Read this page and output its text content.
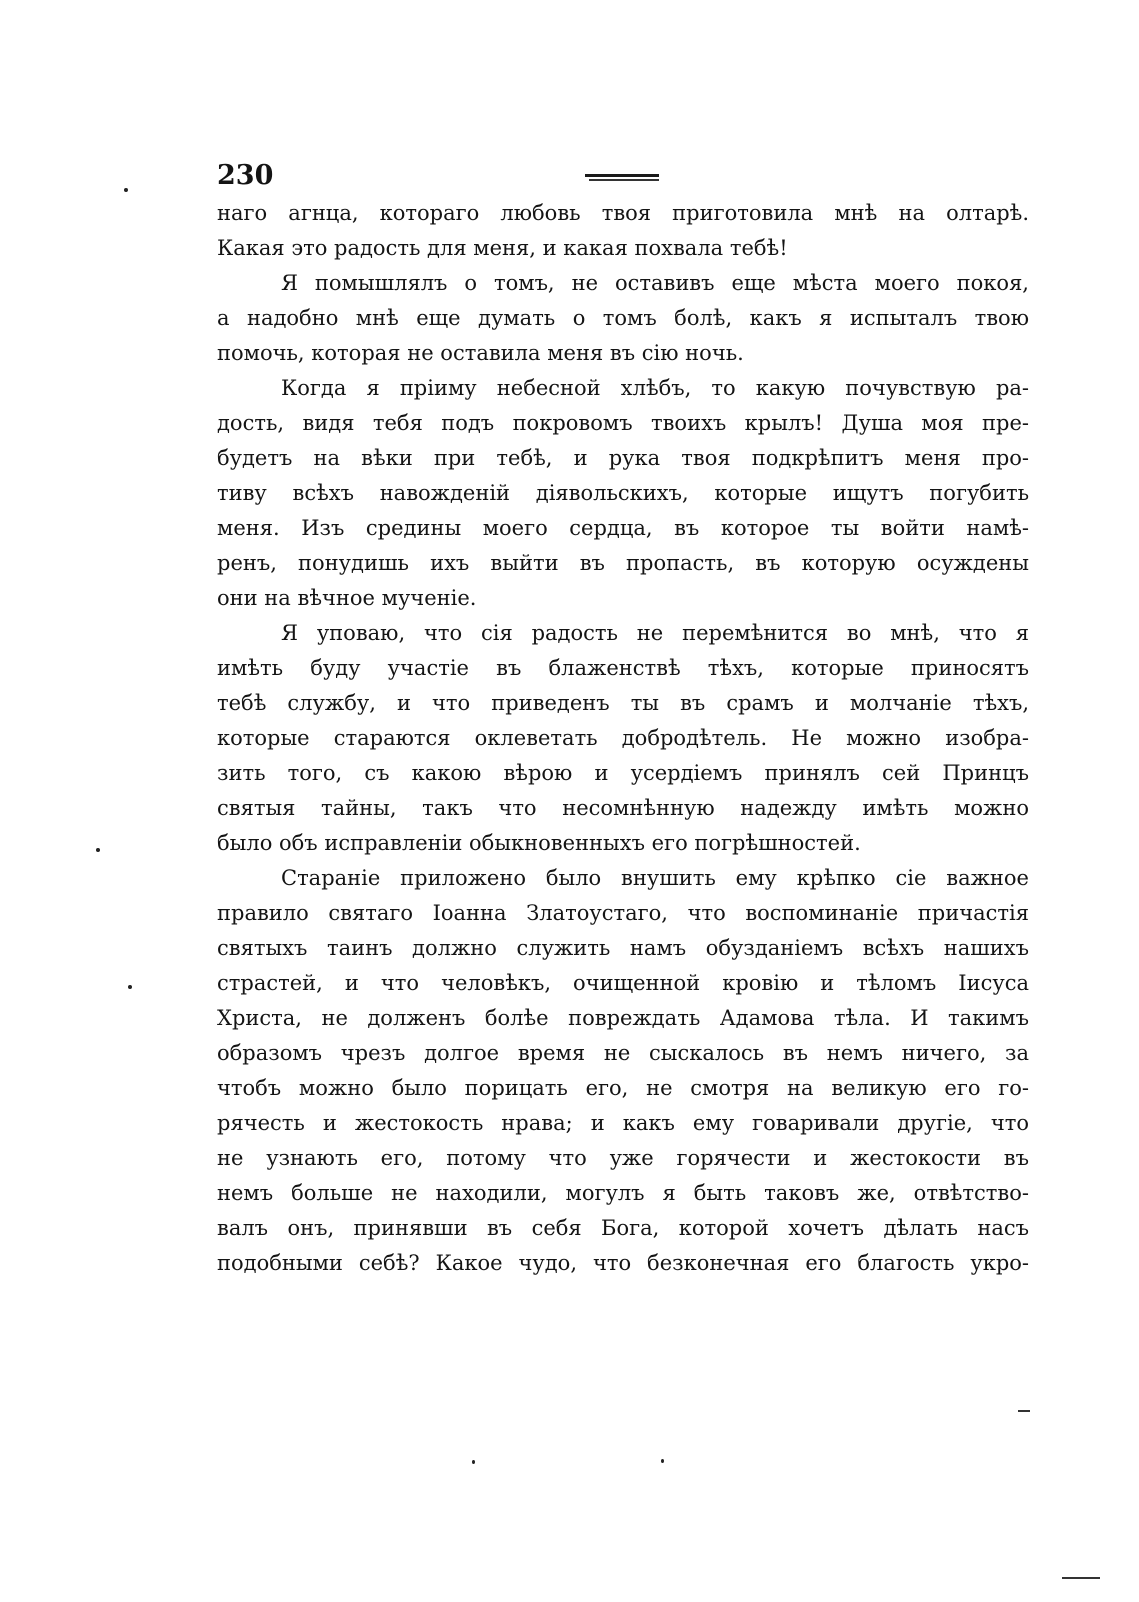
230
наго агнца, котораго любовь твоя приготовила мнѣ на олтарѣ.
Какая это радость для меня, и какая похвала тебѣ!
Я помышлялъ о томъ, не оставивъ еще мѣста моего покоя,
а надобно мнѣ еще думать о томъ болѣ, какъ я испыталъ твою
помочь, которая не оставила меня въ сію ночь.
Когда я пріиму небесной хлѣбъ, то какую почувствую ра-
дость, видя тебя подъ покровомъ твоихъ крылъ! Душа моя пре-
будетъ на вѣки при тебѣ, и рука твоя подкрѣпитъ меня про-
тиву всѣхъ навожденій діявольскихъ, которые ищутъ погубить
меня. Изъ средины моего сердца, въ которое ты войти намѣ-
ренъ, понудишь ихъ выйти въ пропасть, въ которую осуждены
они на вѣчное мученіе.
Я уповаю, что сія радость не перемѣнится во мнѣ, что я
имѣть буду участіе въ блаженствѣ тѣхъ, которые приносятъ
тебѣ службу, и что приведенъ ты въ срамъ и молчаніе тѣхъ,
которые стараются оклеветать добродѣтель. Не можно изобра-
зить того, съ какою вѣрою и усердіемъ принялъ сей Принцъ
святыя тайны, такъ что несомнѣнную надежду имѣть можно
было объ исправленіи обыкновенныхъ его погрѣшностей.
Стараніе приложено было внушить ему крѣпко сіе важное
правило святаго Іоанна Златоустаго, что воспоминаніе причастія
святыхъ таинъ должно служить намъ обузданіемъ всѣхъ нашихъ
страстей, и что человѣкъ, очищенной кровію и тѣломъ Іисуса
Христа, не долженъ болѣе повреждать Адамова тѣла. И такимъ
образомъ чрезъ долгое время не сыскалось въ немъ ничего, за
чтобъ можно было порицать его, не смотря на великую его го-
рячесть и жестокость нрава; и какъ ему говаривали другіе, что
не узнають его, потому что уже горячести и жестокости въ
немъ больше не находили, могулъ я быть таковъ же, отвѣтство-
валъ онъ, принявши въ себя Бога, которой хочетъ дѣлать насъ
подобными себѣ? Какое чудо, что безконечная его благость укро-
